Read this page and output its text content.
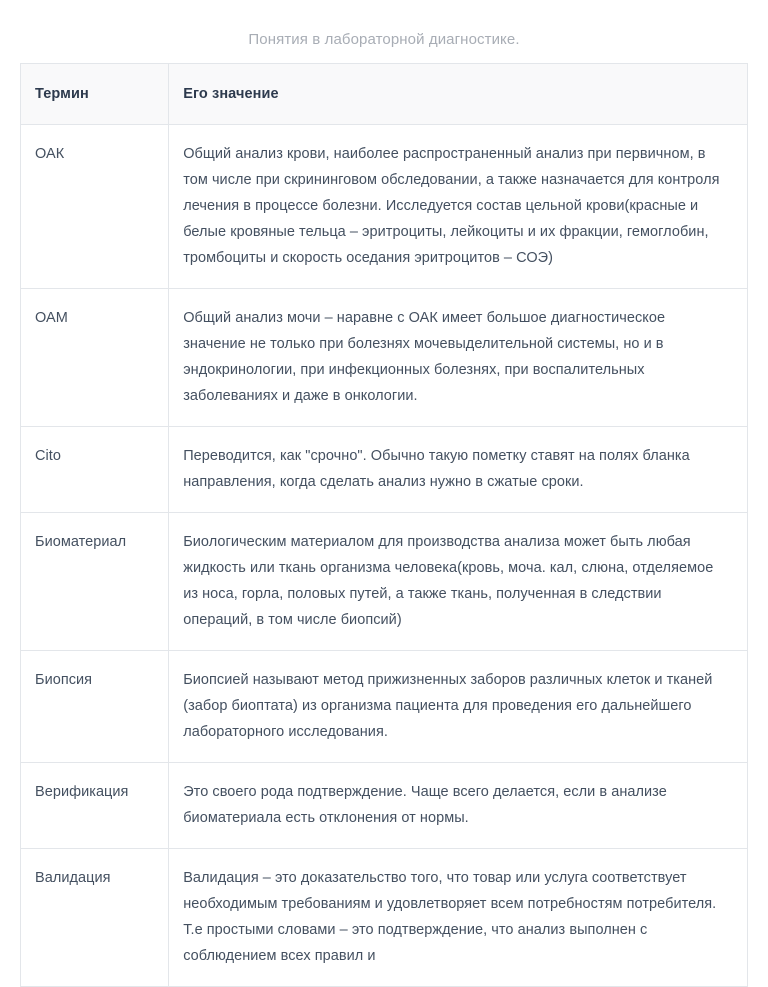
Понятия в лабораторной диагностике.
Термин	Его значение
ОАК	Общий анализ крови, наиболее распространенный анализ при первичном, в том числе при скрининговом обследовании, а также назначается для контроля лечения в процессе болезни. Исследуется состав цельной крови(красные и белые кровяные тельца – эритроциты, лейкоциты и их фракции, гемоглобин, тромбоциты и скорость оседания эритроцитов – СОЭ)
ОАМ	Общий анализ мочи – наравне с ОАК имеет большое диагностическое значение не только при болезнях мочевыделительной системы, но и в эндокринологии, при инфекционных болезнях, при воспалительных заболеваниях и даже в онкологии.
Cito	Переводится, как "срочно". Обычно такую пометку ставят на полях бланка направления, когда сделать анализ нужно в сжатые сроки.
Биоматериал	Биологическим материалом для производства анализа может быть любая жидкость или ткань организма человека(кровь, моча. кал, слюна, отделяемое из носа, горла, половых путей, а также ткань, полученная в следствии операций, в том числе биопсий)
Биопсия	Биопсией называют метод прижизненных заборов различных клеток и тканей (забор биоптата) из организма пациента для проведения его дальнейшего лабораторного исследования.
Верификация	Это своего рода подтверждение. Чаще всего делается, если в анализе биоматериала есть отклонения от нормы.
Валидация	Валидация – это доказательство того, что товар или услуга соответствует необходимым требованиям и удовлетворяет всем потребностям потребителя. Т.е простыми словами – это подтверждение, что анализ выполнен с соблюдением всех правил и
